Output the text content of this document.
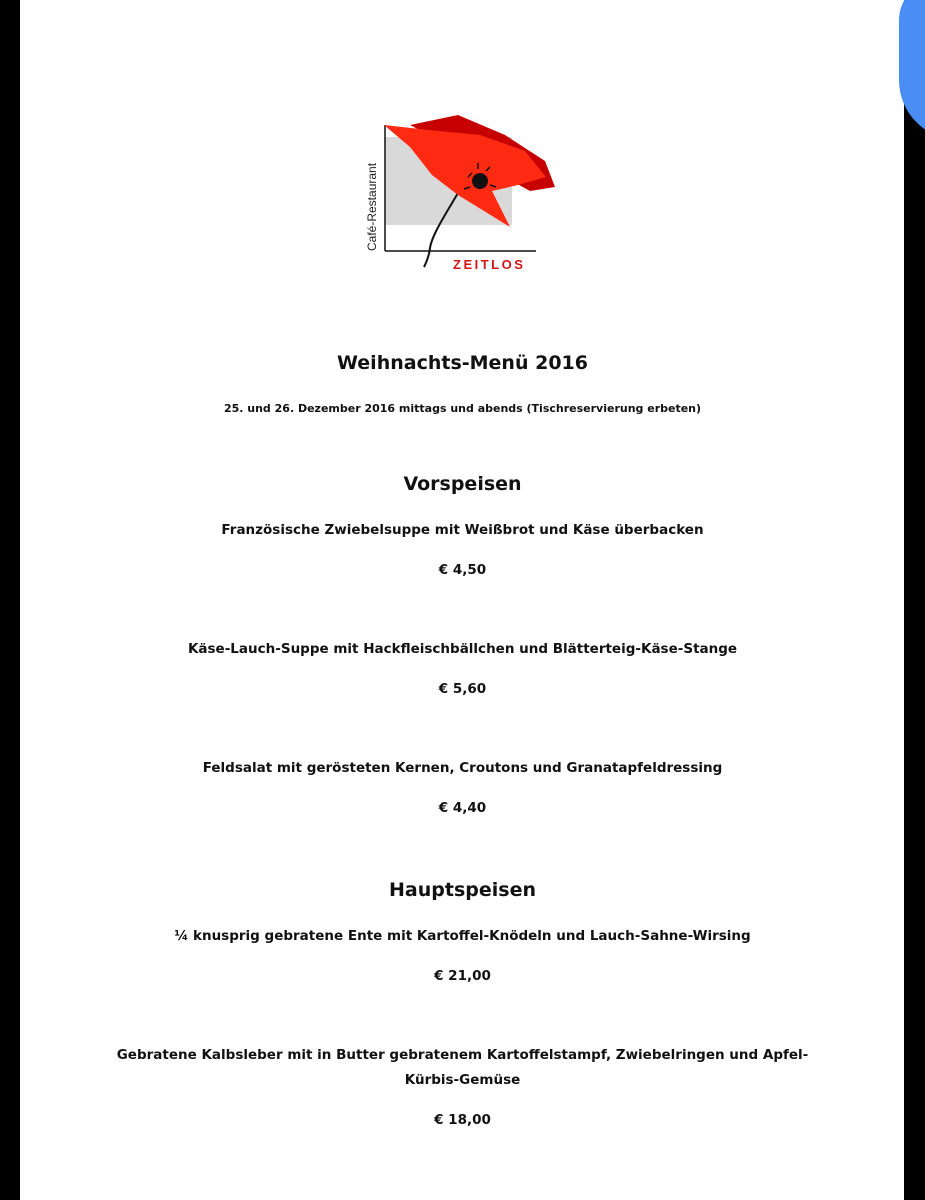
Café-Restaurant
ZEITLOS
Weihnachts-Menü 2016
25. und 26. Dezember 2016 mittags und abends (Tischreservierung erbeten)
Vorspeisen
Französische Zwiebelsuppe mit Weißbrot und Käse überbacken
€ 4,50
Käse-Lauch-Suppe mit Hackfleischbällchen und Blätterteig-Käse-Stange
€ 5,60
Feldsalat mit gerösteten Kernen, Croutons und Granatapfeldressing
€ 4,40
Hauptspeisen
¼ knusprig gebratene Ente mit Kartoffel-Knödeln und Lauch-Sahne-Wirsing
€ 21,00
Gebratene Kalbsleber mit in Butter gebratenem Kartoffelstampf, Zwiebelringen und Apfel-
Kürbis-Gemüse
€ 18,00
